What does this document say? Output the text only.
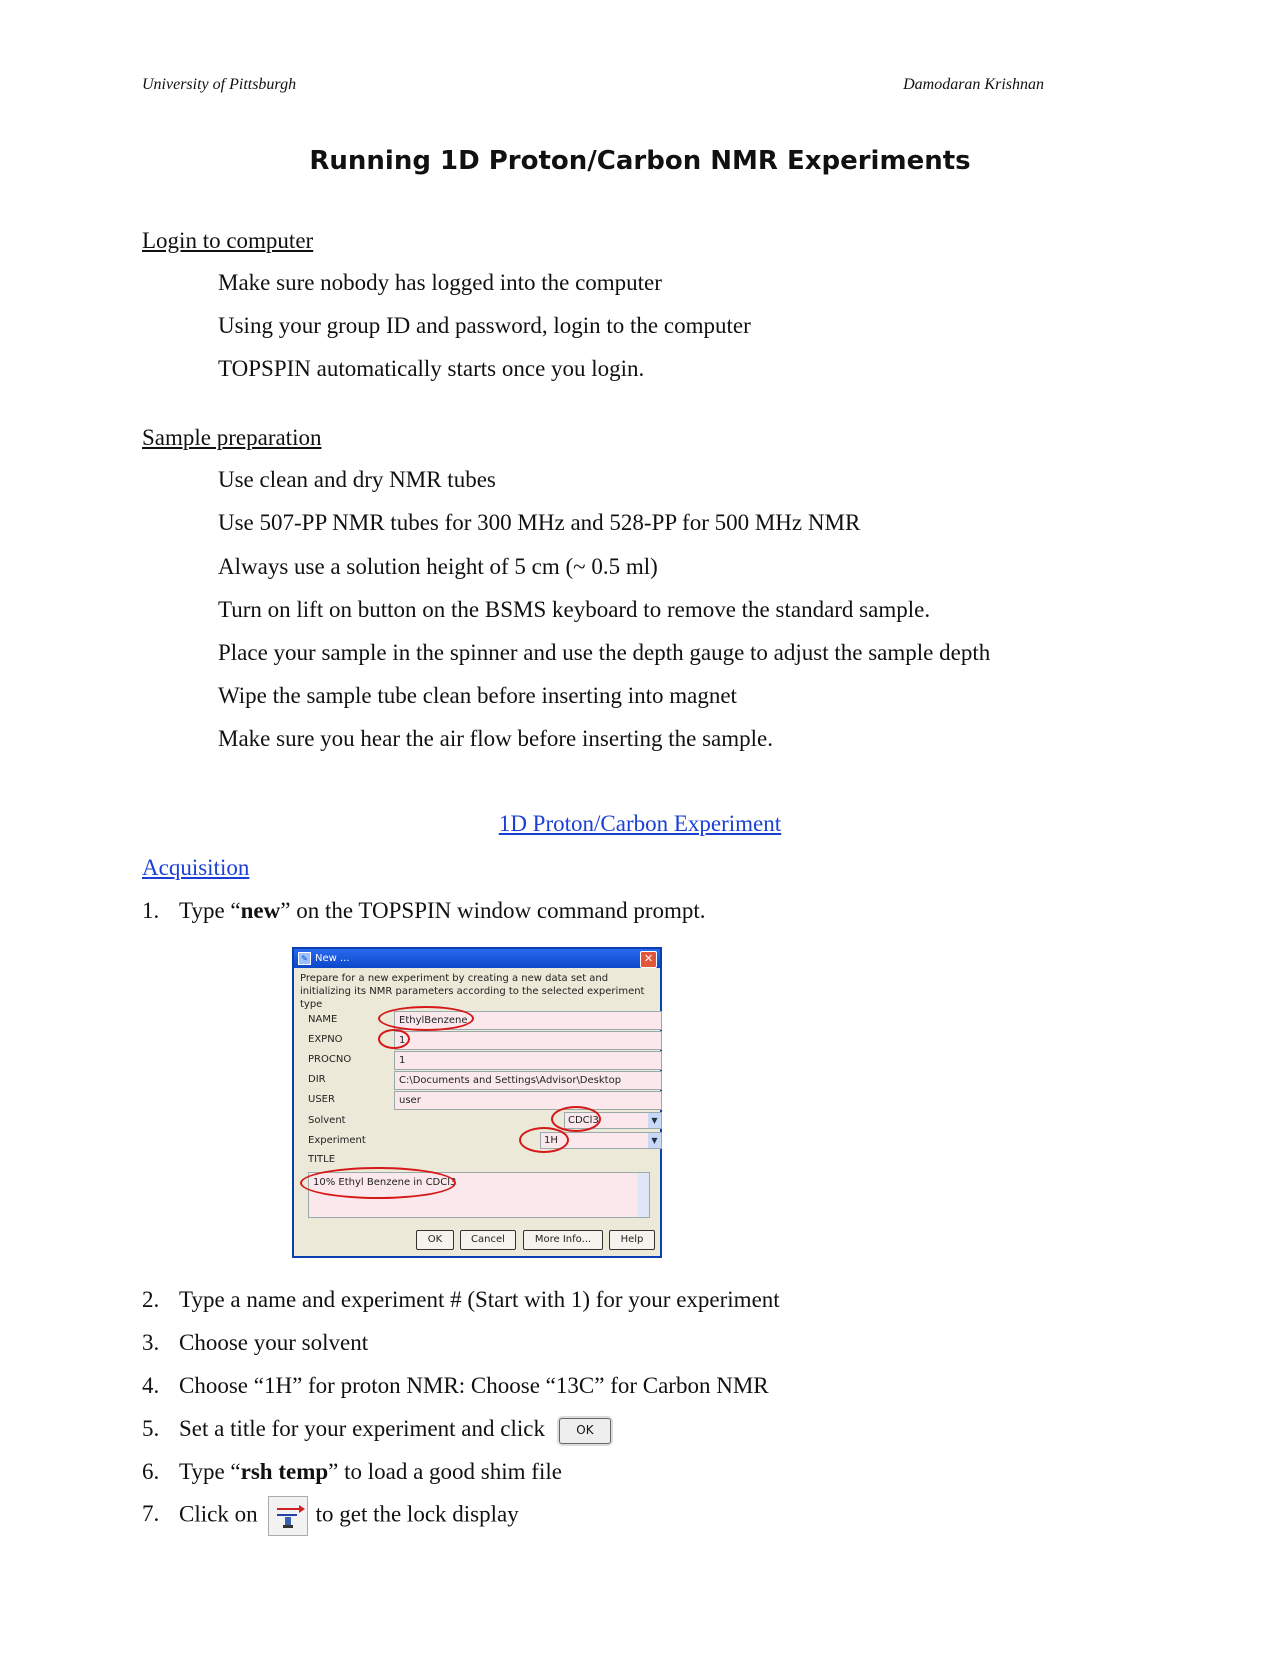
University of Pittsburgh	Damodaran Krishnan
Running 1D Proton/Carbon NMR Experiments
Login to computer
Make sure nobody has logged into the computer
Using your group ID and password, login to the computer
TOPSPIN automatically starts once you login.
Sample preparation
Use clean and dry NMR tubes
Use 507-PP NMR tubes for 300 MHz and 528-PP for 500 MHz NMR
Always use a solution height of 5 cm (~ 0.5 ml)
Turn on lift on button on the BSMS keyboard to remove the standard sample.
Place your sample in the spinner and use the depth gauge to adjust the sample depth
Wipe the sample tube clean before inserting into magnet
Make sure you hear the air flow before inserting the sample.
1D Proton/Carbon Experiment
Acquisition
1. Type “new” on the TOPSPIN window command prompt.
✎ New ...	✕
Prepare for a new experiment by creating a new data set and initializing its NMR parameters according to the selected experiment type
NAME	EthylBenzene
EXPNO	1
PROCNO	1
DIR	C:\Documents and Settings\Advisor\Desktop
USER	user
Solvent	CDCl3	▼
Experiment	1H	▼
TITLE
10% Ethyl Benzene in CDCl3
OK	Cancel	More Info...	Help
2. Type a name and experiment # (Start with 1) for your experiment
3. Choose your solvent
4. Choose “1H” for proton NMR: Choose “13C” for Carbon NMR
5. Set a title for your experiment and click	OK
6. Type “rsh temp” to load a good shim file
7. Click on	to get the lock display
